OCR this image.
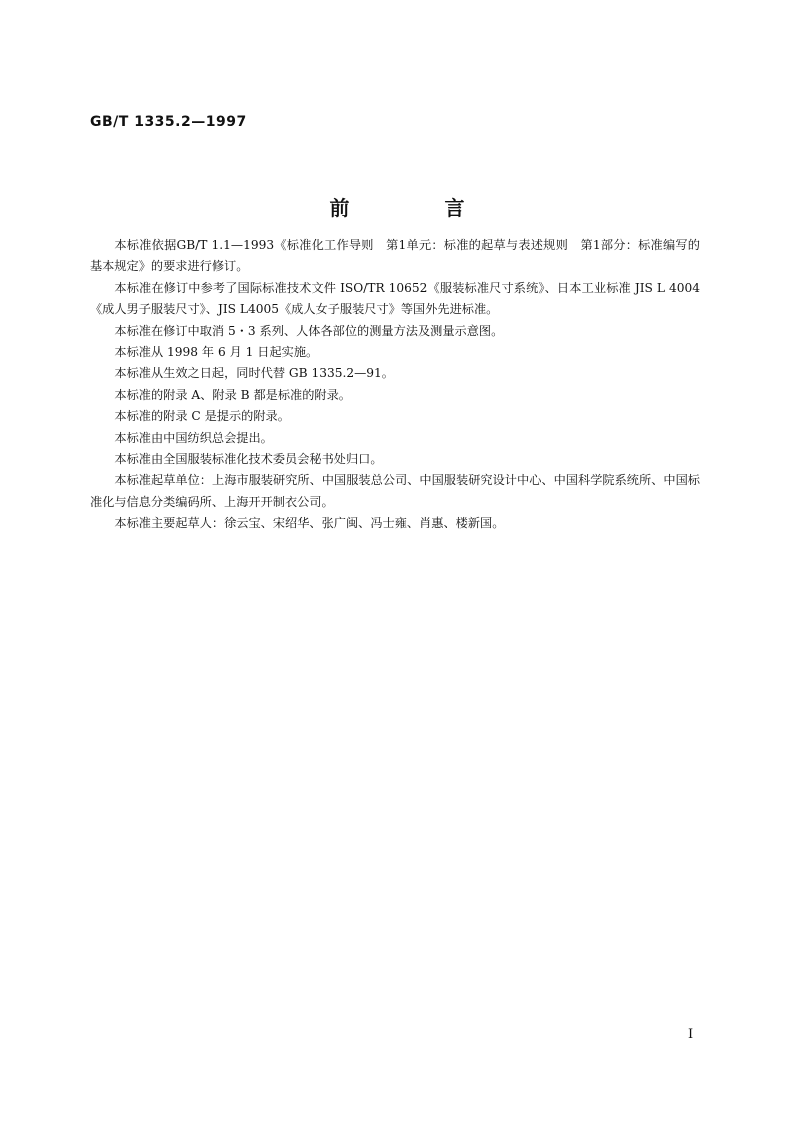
GB/T 1335.2—1997
前 言

本标准依据GB/T 1.1—1993《标准化工作导则　第1单元：标准的起草与表述规则　第1部分：标准编写的基本规定》的要求进行修订。

本标准在修订中参考了国际标准技术文件 ISO/TR 10652《服装标准尺寸系统》、日本工业标准 JIS L 4004《成人男子服装尺寸》、JIS L4005《成人女子服装尺寸》等国外先进标准。

本标准在修订中取消 5・3 系列、人体各部位的测量方法及测量示意图。

本标准从 1998 年 6 月 1 日起实施。

本标准从生效之日起，同时代替 GB 1335.2—91。

本标准的附录 A、附录 B 都是标准的附录。

本标准的附录 C 是提示的附录。

本标准由中国纺织总会提出。

本标准由全国服装标准化技术委员会秘书处归口。

本标准起草单位：上海市服装研究所、中国服装总公司、中国服装研究设计中心、中国科学院系统所、中国标准化与信息分类编码所、上海开开制衣公司。

本标准主要起草人：徐云宝、宋绍华、张广闽、冯士雍、肖惠、楼新国。

I
